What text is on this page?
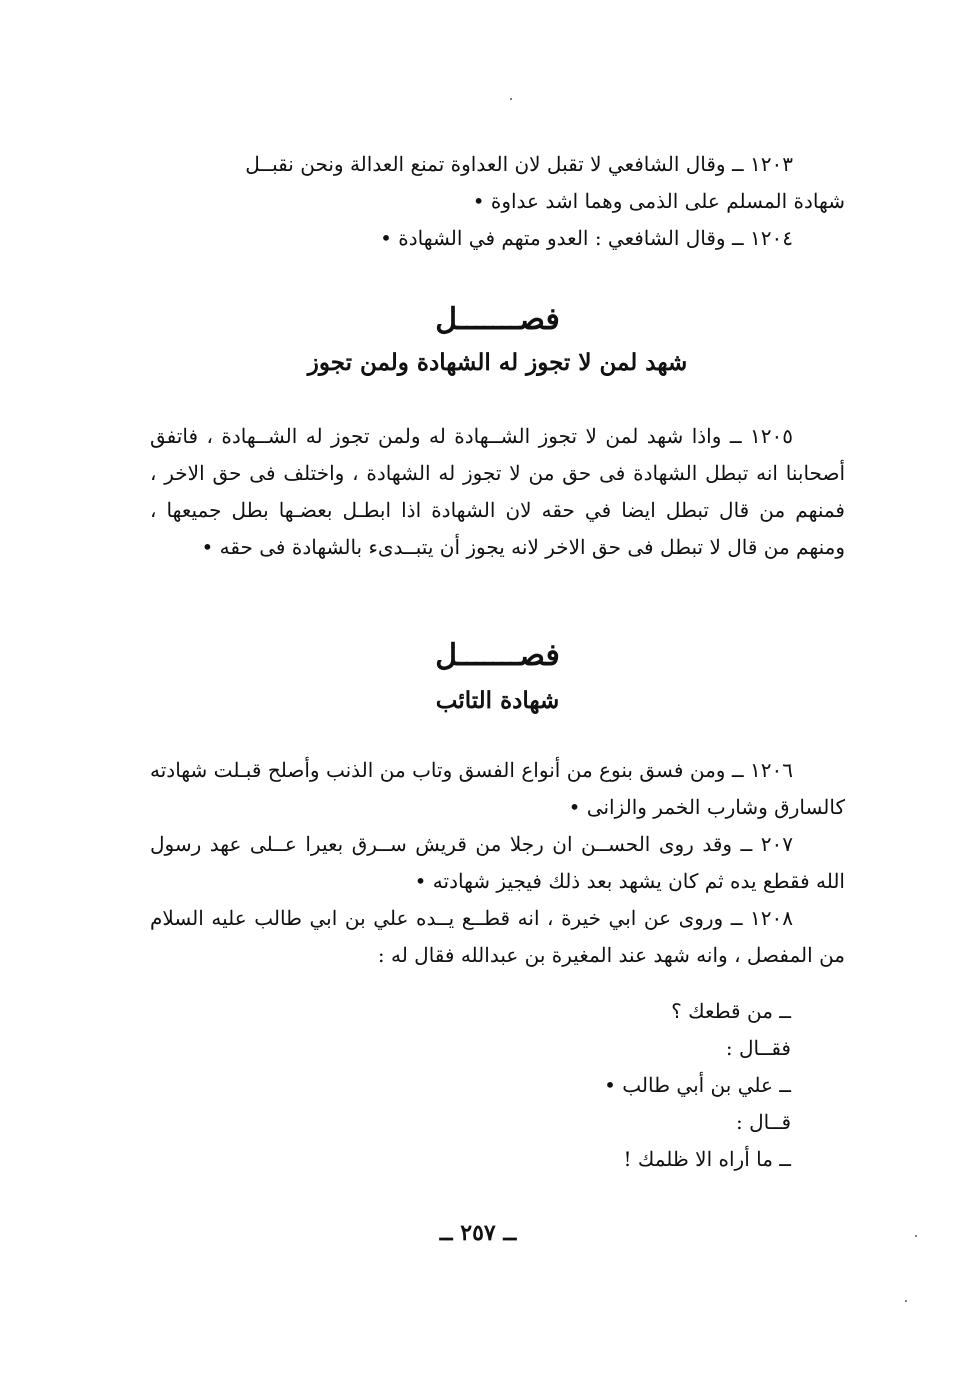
١٢٠٣ ــ وقال الشافعي لا تقبل لان العداوة تمنع العدالة ونحن نقبــل

شهادة المسلم على الذمى وهما اشد عداوة •

١٢٠٤ ــ وقال الشافعي : العدو متهم في الشهادة •

فصـــــــل
شهد لمن لا تجوز له الشهادة ولمن تجوز

١٢٠٥ ــ واذا شهد لمن لا تجوز الشــهادة له ولمن تجوز له الشــهادة ، فاتفق أصحابنا انه تبطل الشهادة فى حق من لا تجوز له الشهادة ، واختلف فى حق الاخر ، فمنهم من قال تبطل ايضا في حقه لان الشهادة اذا ابطـل بعضـها بطل جميعها ، ومنهم من قال لا تبطل فى حق الاخر لانه يجوز أن يتبــدىء بالشهادة فى حقه •

فصـــــــل
شهادة التائب

١٢٠٦ ــ ومن فسق بنوع من أنواع الفسق وتاب من الذنب وأصلح قبـلت شهادته كالسارق وشارب الخمر والزانى •

٢٠٧ ــ وقد روى الحســن ان رجلا من قريش ســرق بعيرا عــلى عهد رسول الله فقطع يده ثم كان يشهد بعد ذلك فيجيز شهادته •

١٢٠٨ ــ وروى عن ابي خيرة ، انه قطــع يــده علي بن ابي طالب عليه السلام من المفصل ، وانه شهد عند المغيرة بن عبدالله فقال له :

ــ من قطعك ؟

فقــال :

ــ علي بن أبي طالب •

قــال :

ــ ما أراه الا ظلمك !

ــ ٢٥٧ ــ
